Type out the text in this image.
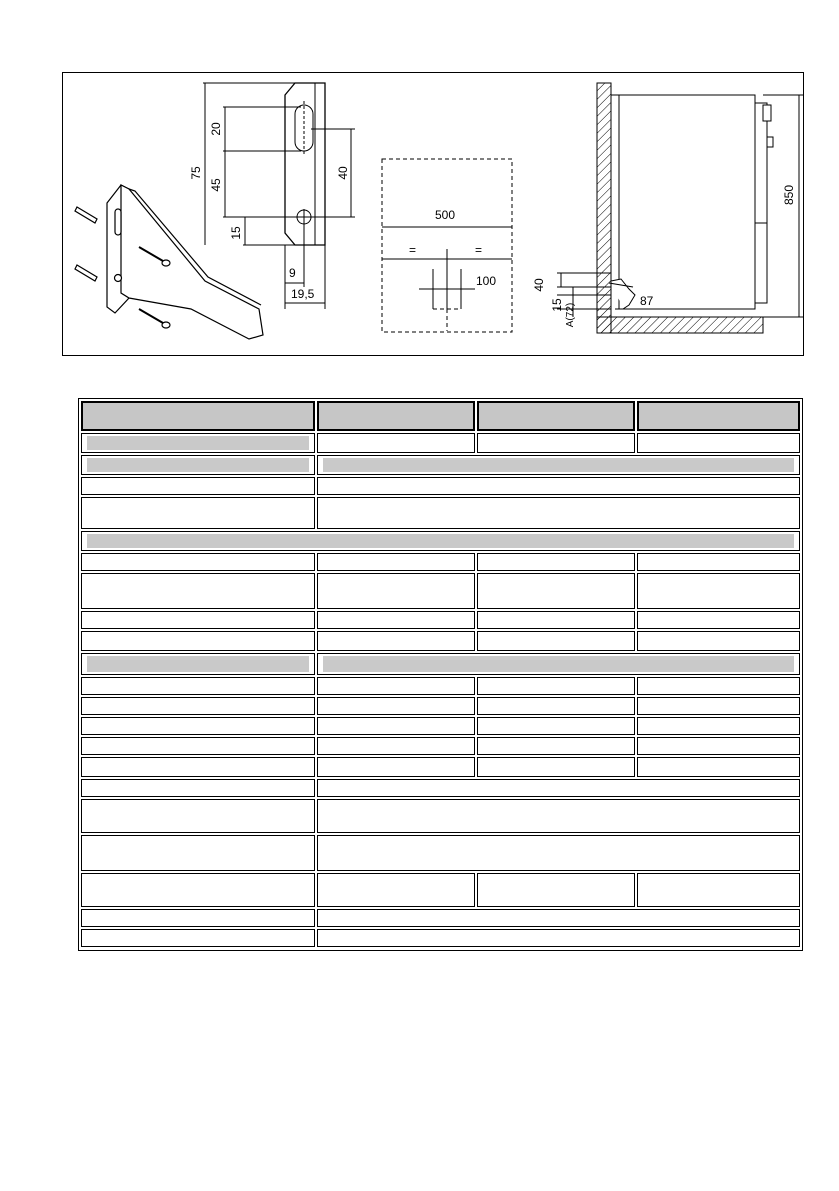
75
20
45
15
40
9
19,5
500
=	=
100
850
40
15 A(72)
87
